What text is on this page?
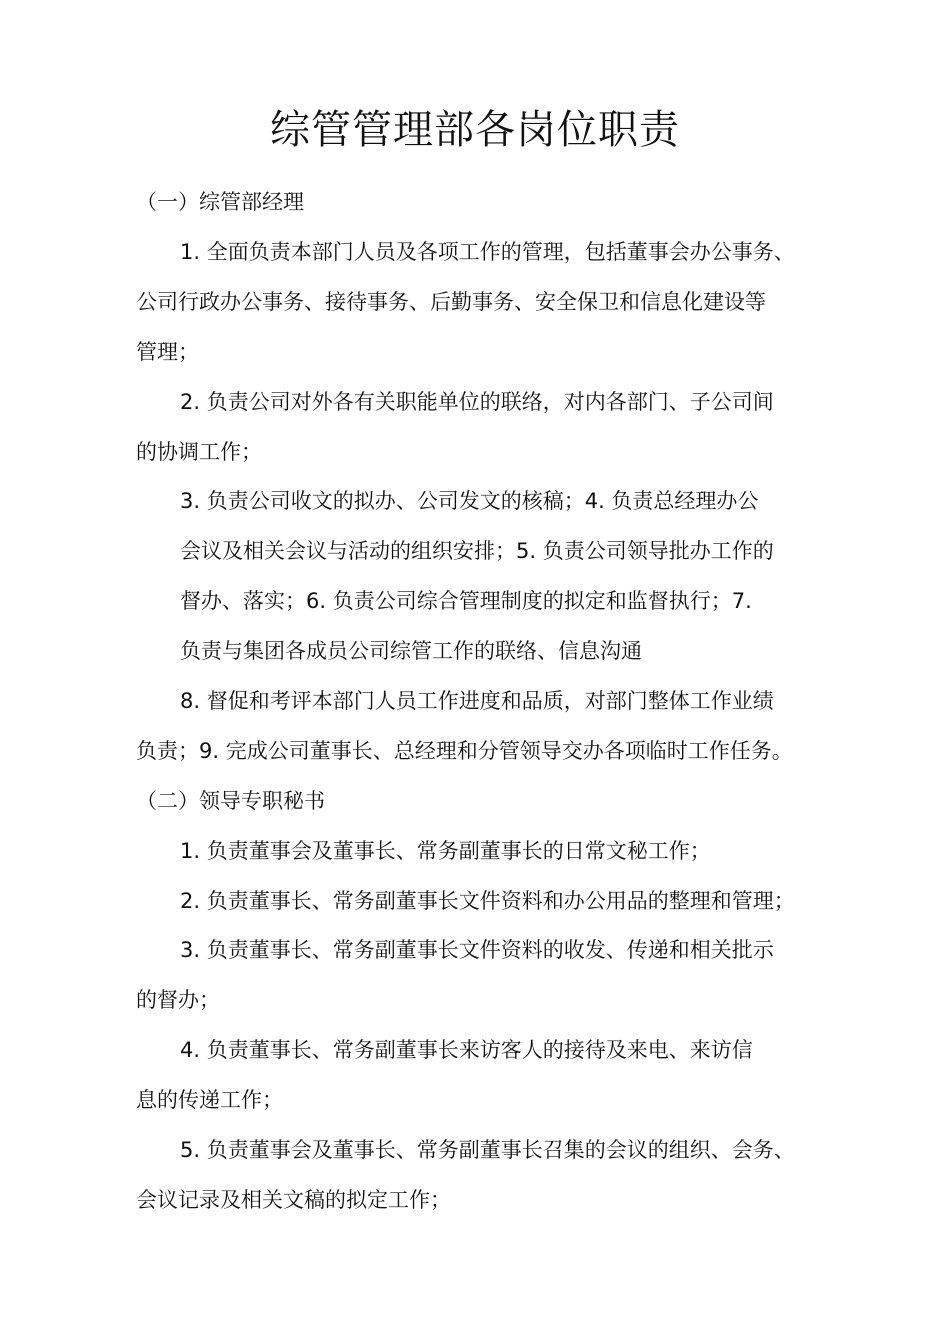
综管管理部各岗位职责
（一）综管部经理
1. 全面负责本部门人员及各项工作的管理，包括董事会办公事务、
公司行政办公事务、接待事务、后勤事务、安全保卫和信息化建设等
管理；
2. 负责公司对外各有关职能单位的联络，对内各部门、子公司间
的协调工作；
3. 负责公司收文的拟办、公司发文的核稿；4. 负责总经理办公
会议及相关会议与活动的组织安排；5. 负责公司领导批办工作的
督办、落实；6. 负责公司综合管理制度的拟定和监督执行；7.
负责与集团各成员公司综管工作的联络、信息沟通
8. 督促和考评本部门人员工作进度和品质，对部门整体工作业绩
负责；9. 完成公司董事长、总经理和分管领导交办各项临时工作任务。
（二）领导专职秘书
1. 负责董事会及董事长、常务副董事长的日常文秘工作；
2. 负责董事长、常务副董事长文件资料和办公用品的整理和管理；
3. 负责董事长、常务副董事长文件资料的收发、传递和相关批示
的督办；
4. 负责董事长、常务副董事长来访客人的接待及来电、来访信
息的传递工作；
5. 负责董事会及董事长、常务副董事长召集的会议的组织、会务、
会议记录及相关文稿的拟定工作；
